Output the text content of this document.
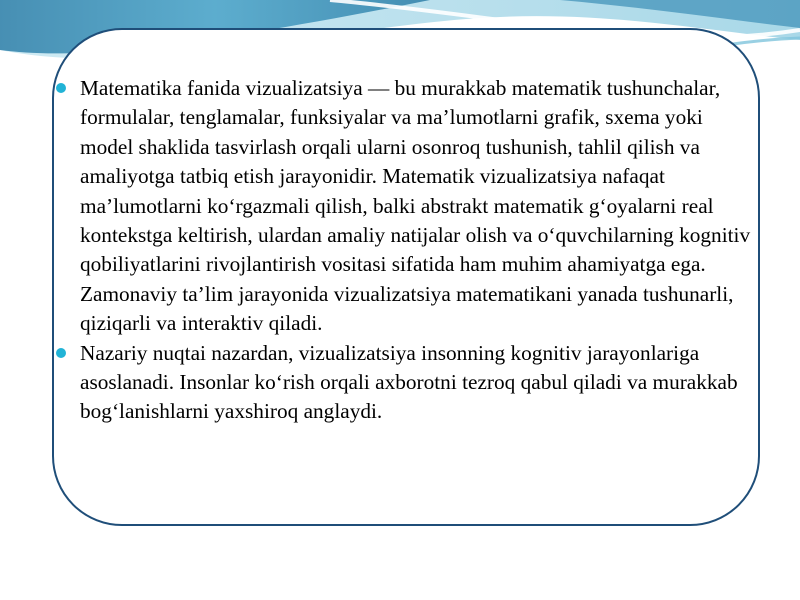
Matematika fanida vizualizatsiya — bu murakkab matematik tushunchalar, formulalar, tenglamalar, funksiyalar va ma’lumotlarni grafik, sxema yoki model shaklida tasvirlash orqali ularni osonroq tushunish, tahlil qilish va amaliyotga tatbiq etish jarayonidir. Matematik vizualizatsiya nafaqat ma’lumotlarni ko‘rgazmali qilish, balki abstrakt matematik g‘oyalarni real kontekstga keltirish, ulardan amaliy natijalar olish va o‘quvchilarning kognitiv qobiliyatlarini rivojlantirish vositasi sifatida ham muhim ahamiyatga ega. Zamonaviy ta’lim jarayonida vizualizatsiya matematikani yanada tushunarli, qiziqarli va interaktiv qiladi.
Nazariy nuqtai nazardan, vizualizatsiya insonning kognitiv jarayonlariga asoslanadi. Insonlar ko‘rish orqali axborotni tezroq qabul qiladi va murakkab bog‘lanishlarni yaxshiroq anglaydi.
